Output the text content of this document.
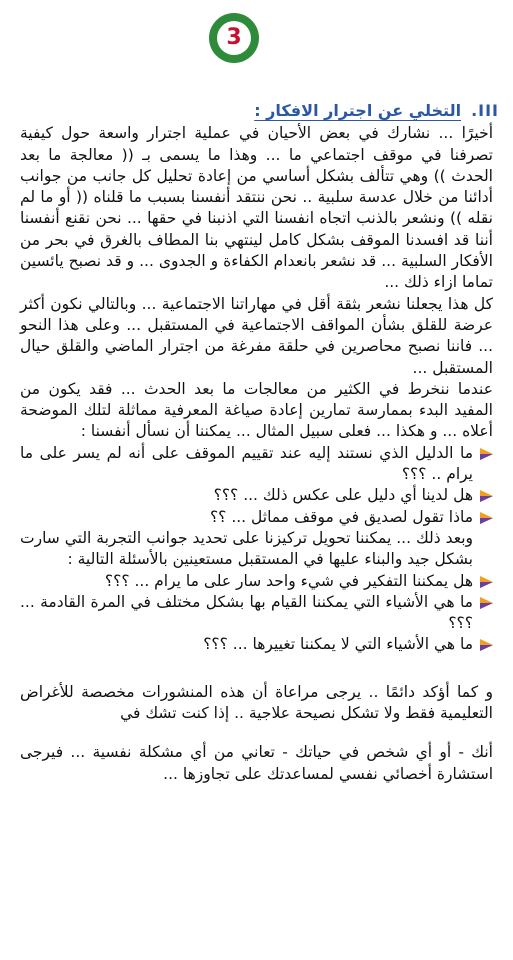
3
III.
التخلي عن اجترار الافكار :

أخيرًا ... نشارك في بعض الأحيان في عملية اجترار واسعة حول كيفية تصرفنا في موقف اجتماعي ما ... وهذا ما يسمى بـ (( معالجة ما بعد الحدث )) وهي تتألف بشكل أساسي من إعادة تحليل كل جانب من جوانب أدائنا من خلال عدسة سلبية .. نحن ننتقد أنفسنا بسبب ما قلناه (( أو ما لم نقله )) ونشعر بالذنب اتجاه انفسنا التي اذنبنا في حقها ... نحن نقنع أنفسنا أننا قد افسدنا الموقف بشكل كامل لينتهي بنا المطاف بالغرق في بحر من الأفكار السلبية ... قد نشعر بانعدام الكفاءة و الجدوى ... و قد نصبح يائسين تماما ازاء ذلك ...

كل هذا يجعلنا نشعر بثقة أقل في مهاراتنا الاجتماعية ... وبالتالي نكون أكثر عرضة للقلق بشأن المواقف الاجتماعية في المستقبل ... وعلى هذا النحو ... فاننا نصبح محاصرين في حلقة مفرغة من اجترار الماضي والقلق حيال المستقبل ...

عندما ننخرط في الكثير من معالجات ما بعد الحدث ... فقد يكون من المفيد البدء بممارسة تمارين إعادة صياغة المعرفية مماثلة لتلك الموضحة أعلاه ... و هكذا ... فعلى سبيل المثال ... يمكننا أن نسأل أنفسنا :

ما الدليل الذي نستند إليه عند تقييم الموقف على أنه لم يسر على ما يرام .. ؟؟؟
هل لدينا أي دليل على عكس ذلك ... ؟؟؟
ماذا تقول لصديق في موقف مماثل ... ؟؟

وبعد ذلك ... يمكننا تحويل تركيزنا على تحديد جوانب التجربة التي سارت بشكل جيد والبناء عليها في المستقبل مستعينين بالأسئلة التالية :

هل يمكننا التفكير في شيء واحد سار على ما يرام ... ؟؟؟
ما هي الأشياء التي يمكننا القيام بها بشكل مختلف في المرة القادمة ... ؟؟؟
ما هي الأشياء التي لا يمكننا تغييرها ... ؟؟؟

و كما أؤكد دائمًا .. يرجى مراعاة أن هذه المنشورات مخصصة للأغراض التعليمية فقط ولا تشكل نصيحة علاجية .. إذا كنت تشك في

أنك - أو أي شخص في حياتك - تعاني من أي مشكلة نفسية ... فيرجى استشارة أخصائي نفسي لمساعدتك على تجاوزها ...
